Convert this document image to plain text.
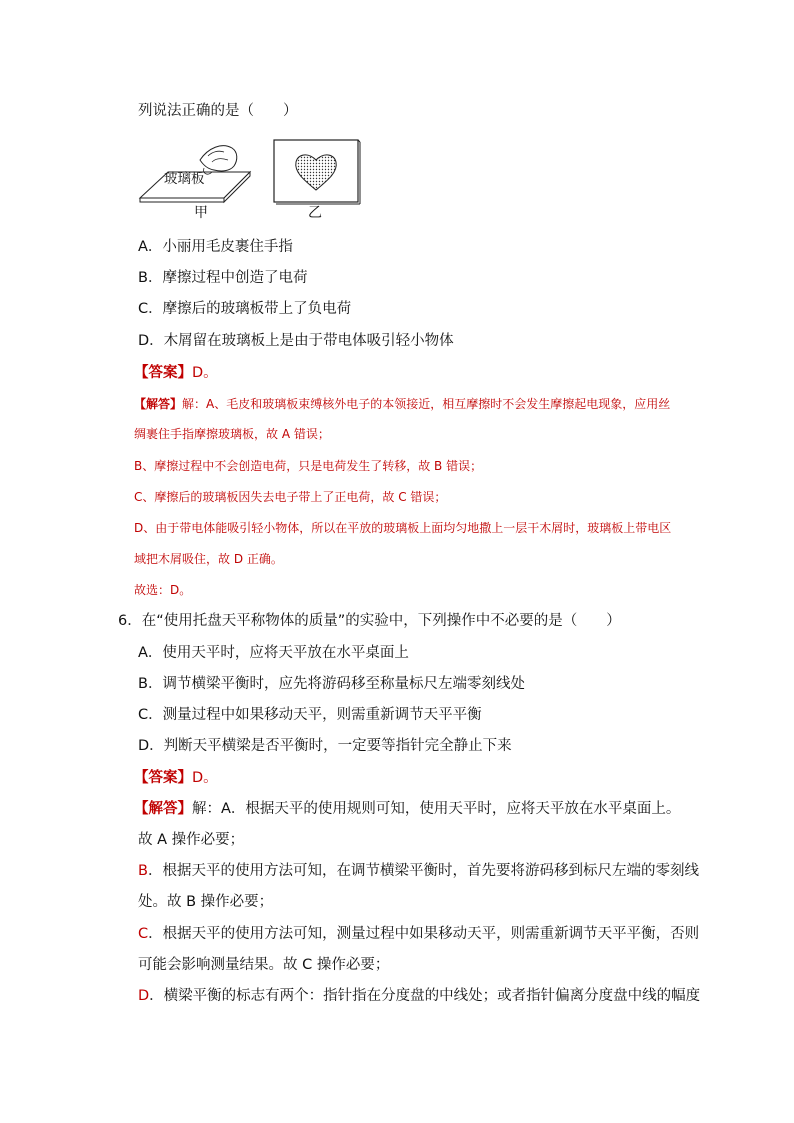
列说法正确的是（　　）
玻璃板
甲	乙
A．小丽用毛皮裹住手指
B．摩擦过程中创造了电荷
C．摩擦后的玻璃板带上了负电荷
D．木屑留在玻璃板上是由于带电体吸引轻小物体
【答案】D。
【解答】解：A、毛皮和玻璃板束缚核外电子的本领接近，相互摩擦时不会发生摩擦起电现象，应用丝
绸裹住手指摩擦玻璃板，故 A 错误；
B、摩擦过程中不会创造电荷，只是电荷发生了转移，故 B 错误；
C、摩擦后的玻璃板因失去电子带上了正电荷，故 C 错误；
D、由于带电体能吸引轻小物体，所以在平放的玻璃板上面均匀地撒上一层干木屑时，玻璃板上带电区
域把木屑吸住，故 D 正确。
故选：D。
6．在“使用托盘天平称物体的质量”的实验中，下列操作中不必要的是（　　）
A．使用天平时，应将天平放在水平桌面上
B．调节横梁平衡时，应先将游码移至称量标尺左端零刻线处
C．测量过程中如果移动天平，则需重新调节天平平衡
D．判断天平横梁是否平衡时，一定要等指针完全静止下来
【答案】D。
【解答】解：A．根据天平的使用规则可知，使用天平时，应将天平放在水平桌面上。
故 A 操作必要；
B．根据天平的使用方法可知，在调节横梁平衡时，首先要将游码移到标尺左端的零刻线
处。故 B 操作必要；
C．根据天平的使用方法可知，测量过程中如果移动天平，则需重新调节天平平衡，否则
可能会影响测量结果。故 C 操作必要；
D．横梁平衡的标志有两个：指针指在分度盘的中线处；或者指针偏离分度盘中线的幅度
